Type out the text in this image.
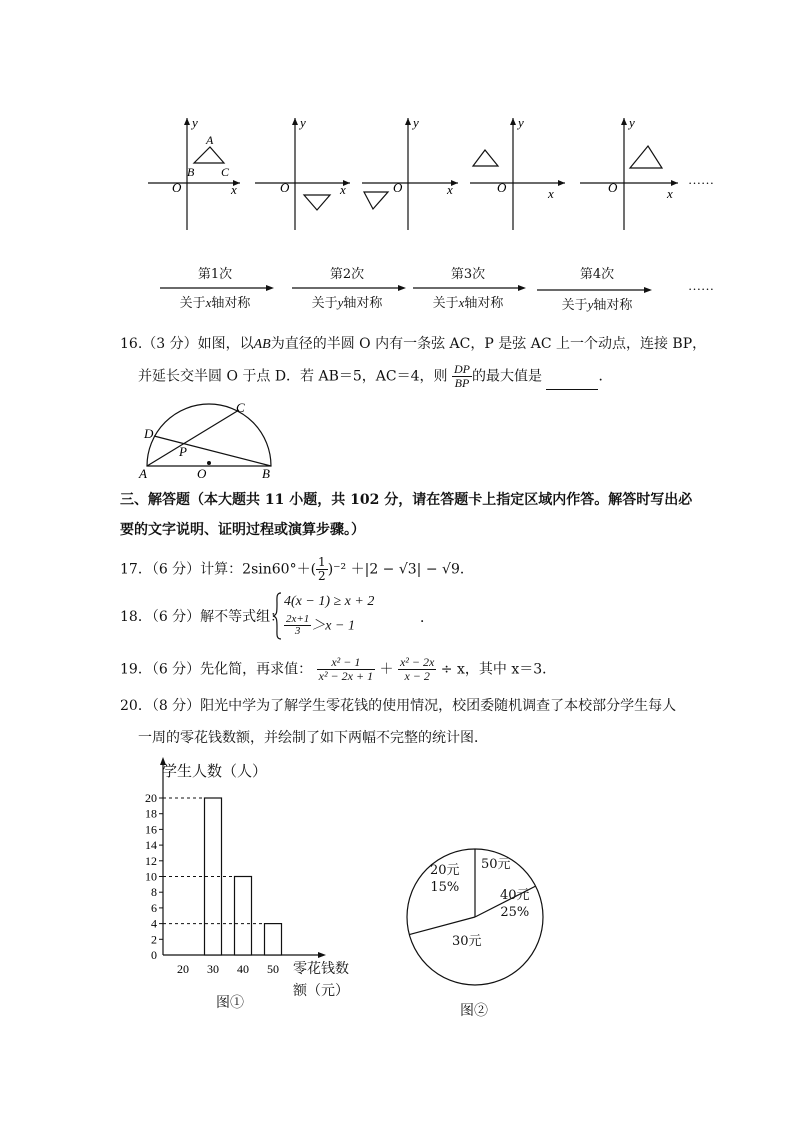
O	x
y
A
B C
O	x
y
O	x
y
O	x
y
O	x
y
……
……
第1次
关于x轴对称
第2次
关于y轴对称
第3次
关于x轴对称
第4次
关于y轴对称
16.（3 分）如图，以AB为直径的半圆 O 内有一条弦 AC，P 是弦 AC 上一个动点，连接 BP，
并延长交半圆 O 于点 D．若 AB＝5，AC＝4，则 $\frac{DP}{BP}$ 的最大值是	．
A	B
C
D
P
O
三、解答题（本大题共 11 小题，共 102 分，请在答题卡上指定区域内作答。解答时写出必
要的文字说明、证明过程或演算步骤。）
17．（6 分）计算：$2\sin 60^\circ+( \frac{1}{2} )^{-2} +|2 - √3| - √9$．
18．（6 分）解不等式组：
4(x − 1) ≥ x + 2
$\frac{2x+1}{3} >x - 1$	．
19．（6 分）先化简，再求值： $\frac{\text{x² − 1}}{\text{x² − 2x + 1}} + \frac{\text{x² − 2x}}{x - 2} \div x$，其中 x＝3．
20．（8 分）阳光中学为了解学生零花钱的使用情况，校团委随机调查了本校部分学生每人
一周的零花钱数额，并绘制了如下两幅不完整的统计图．
0
2
4
6
8
10
12
14
16
18
20
20 30 40 50
学生人数（人）
零花钱数
额（元）
图①
20元
15%
50元
40元
25%
30元
图②
